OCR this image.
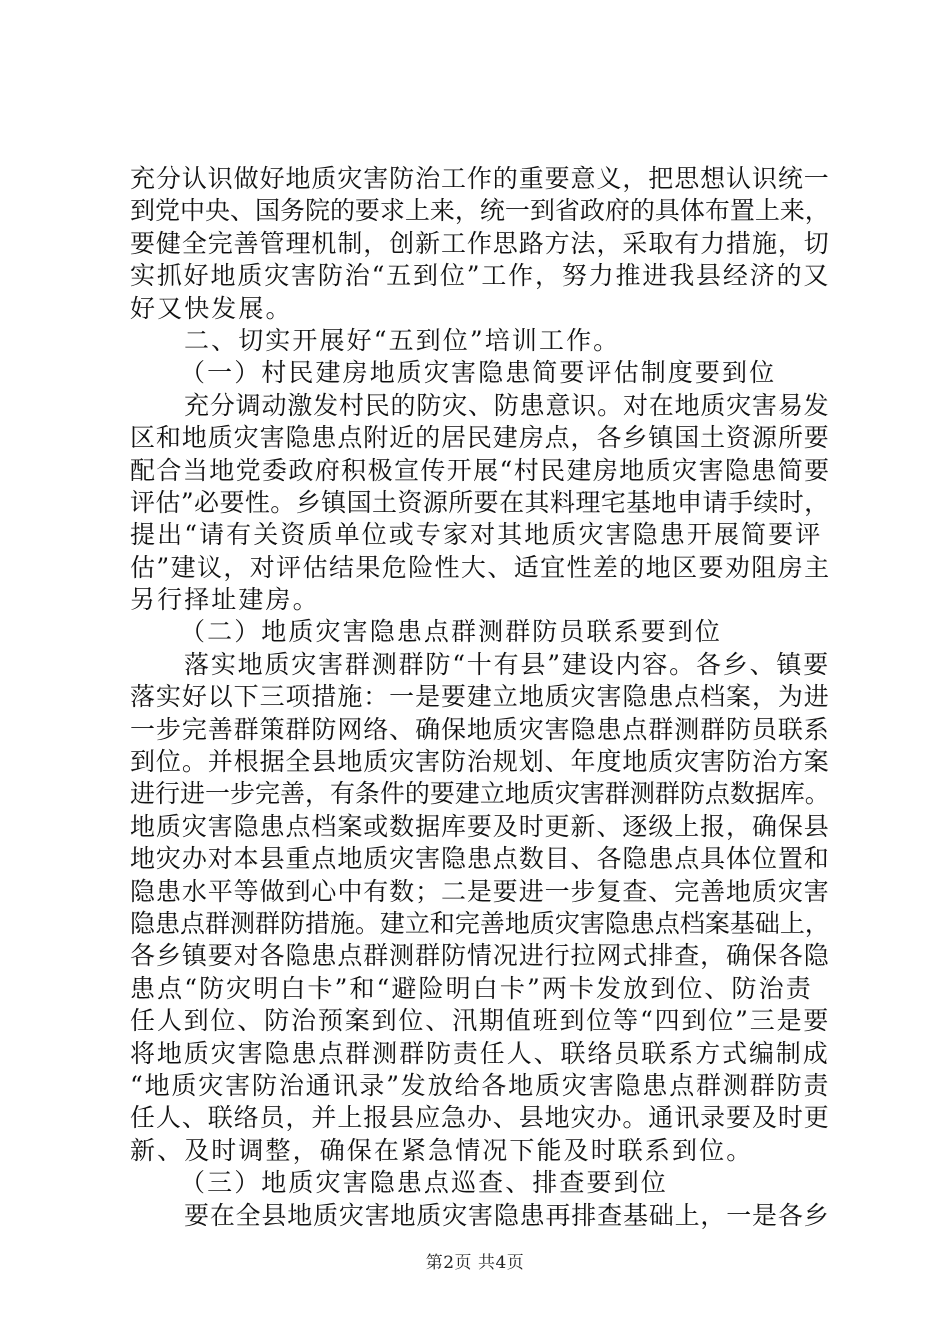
充分认识做好地质灾害防治工作的重要意义，把思想认识统一
到党中央、国务院的要求上来，统一到省政府的具体布置上来，
要健全完善管理机制，创新工作思路方法，采取有力措施，切
实抓好地质灾害防治“五到位”工作，努力推进我县经济的又
好又快发展。
二、切实开展好“五到位”培训工作。
（一）村民建房地质灾害隐患简要评估制度要到位
充分调动激发村民的防灾、防患意识。对在地质灾害易发
区和地质灾害隐患点附近的居民建房点，各乡镇国土资源所要
配合当地党委政府积极宣传开展“村民建房地质灾害隐患简要
评估”必要性。乡镇国土资源所要在其料理宅基地申请手续时，
提出“请有关资质单位或专家对其地质灾害隐患开展简要评
估”建议，对评估结果危险性大、适宜性差的地区要劝阻房主
另行择址建房。
（二）地质灾害隐患点群测群防员联系要到位
落实地质灾害群测群防“十有县”建设内容。各乡、镇要
落实好以下三项措施：一是要建立地质灾害隐患点档案，为进
一步完善群策群防网络、确保地质灾害隐患点群测群防员联系
到位。并根据全县地质灾害防治规划、年度地质灾害防治方案
进行进一步完善，有条件的要建立地质灾害群测群防点数据库。
地质灾害隐患点档案或数据库要及时更新、逐级上报，确保县
地灾办对本县重点地质灾害隐患点数目、各隐患点具体位置和
隐患水平等做到心中有数；二是要进一步复查、完善地质灾害
隐患点群测群防措施。建立和完善地质灾害隐患点档案基础上，
各乡镇要对各隐患点群测群防情况进行拉网式排查，确保各隐
患点“防灾明白卡”和“避险明白卡”两卡发放到位、防治责
任人到位、防治预案到位、汛期值班到位等“四到位”三是要
将地质灾害隐患点群测群防责任人、联络员联系方式编制成
“地质灾害防治通讯录”发放给各地质灾害隐患点群测群防责
任人、联络员，并上报县应急办、县地灾办。通讯录要及时更
新、及时调整，确保在紧急情况下能及时联系到位。
（三）地质灾害隐患点巡查、排查要到位
要在全县地质灾害地质灾害隐患再排查基础上，一是各乡
第2页 共4页
